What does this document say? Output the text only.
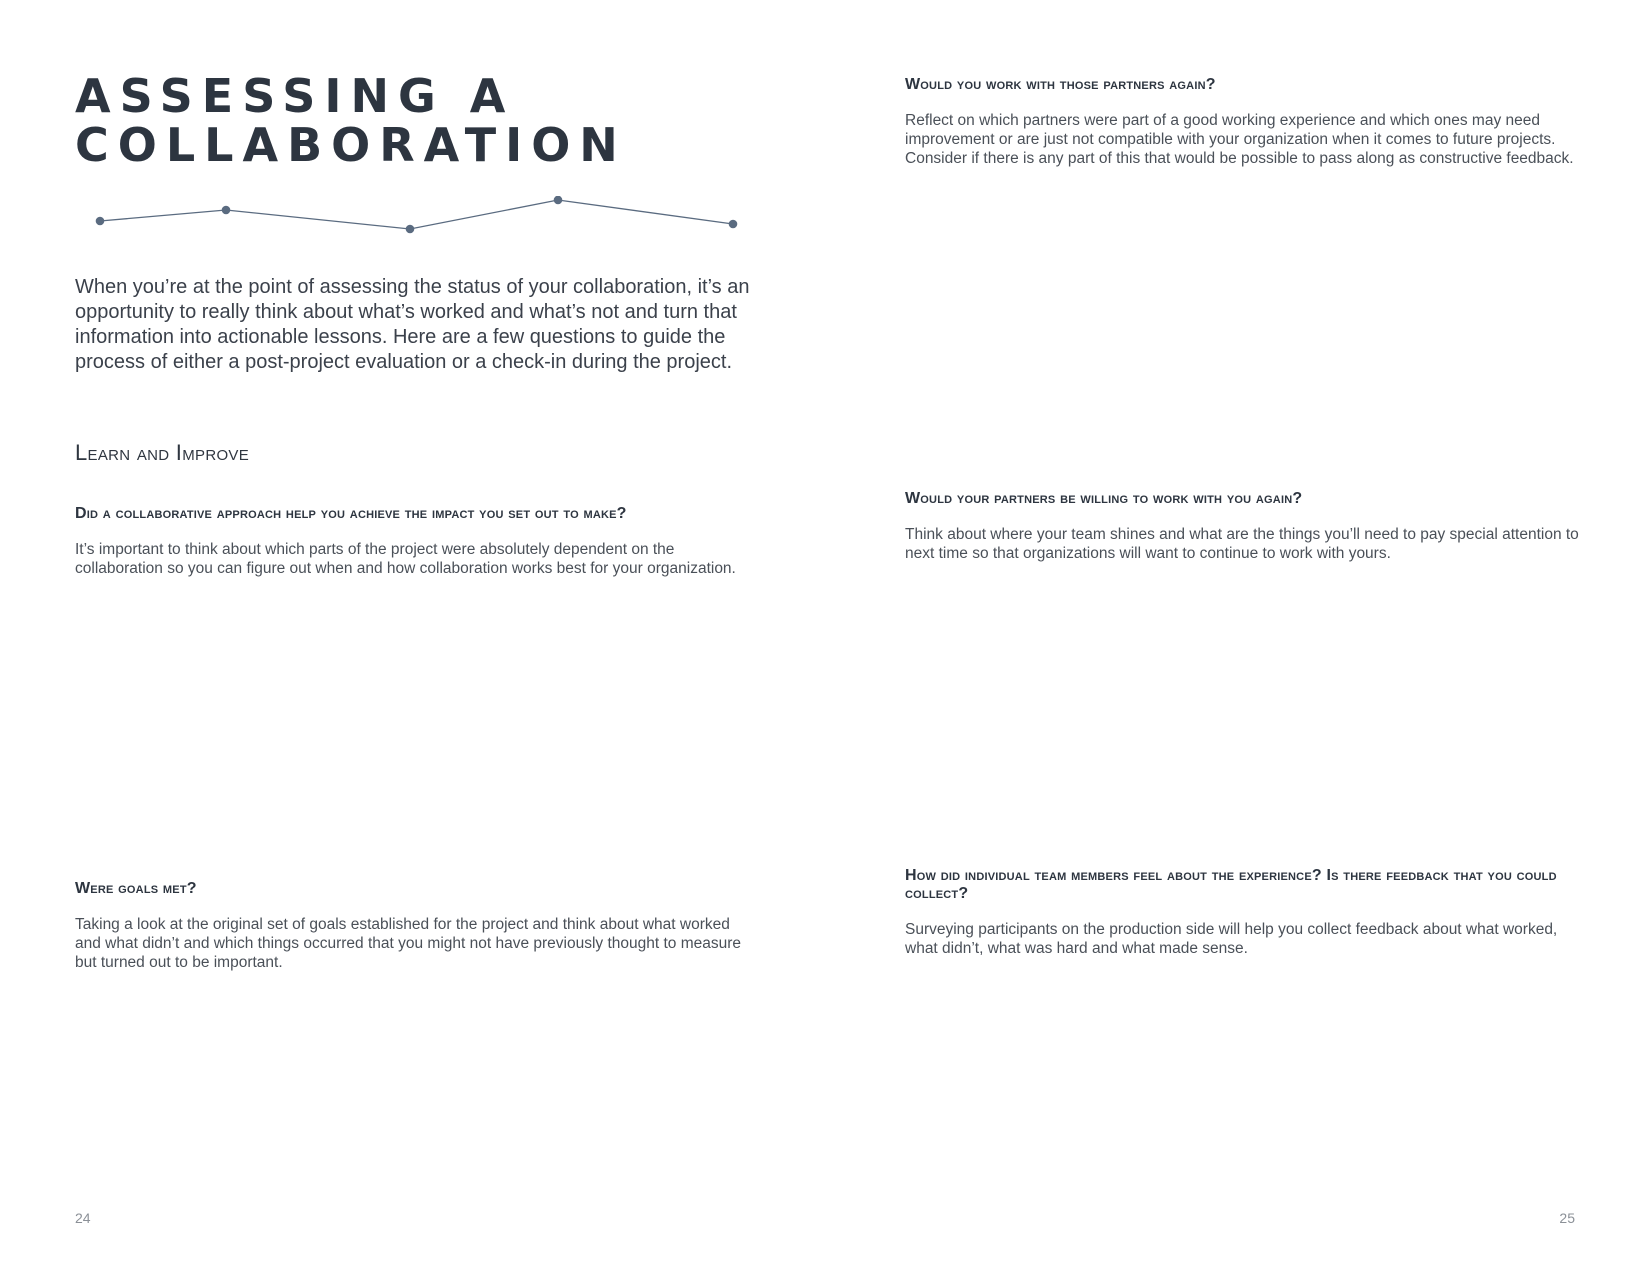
ASSESSING A
COLLABORATION

When you’re at the point of assessing the status of your collaboration, it’s an opportunity to really think about what’s worked and what’s not and turn that information into actionable lessons. Here are a few questions to guide the process of either a post-project evaluation or a check-in during the project.

Learn and Improve
Did a collaborative approach help you achieve the impact you set out to make?

It’s important to think about which parts of the project were absolutely dependent on the collaboration so you can figure out when and how collaboration works best for your organization.

Were goals met?

Taking a look at the original set of goals established for the project and think about what worked and what didn’t and which things occurred that you might not have previously thought to measure but turned out to be important.

24
Would you work with those partners again?

Reflect on which partners were part of a good working experience and which ones may need improvement or are just not compatible with your organization when it comes to future projects. Consider if there is any part of this that would be possible to pass along as constructive feedback.

Would your partners be willing to work with you again?

Think about where your team shines and what are the things you’ll need to pay special attention to next time so that organizations will want to continue to work with yours.

How did individual team members feel about the experience? Is there feedback that you could collect?

Surveying participants on the production side will help you collect feedback about what worked, what didn’t, what was hard and what made sense.

25
